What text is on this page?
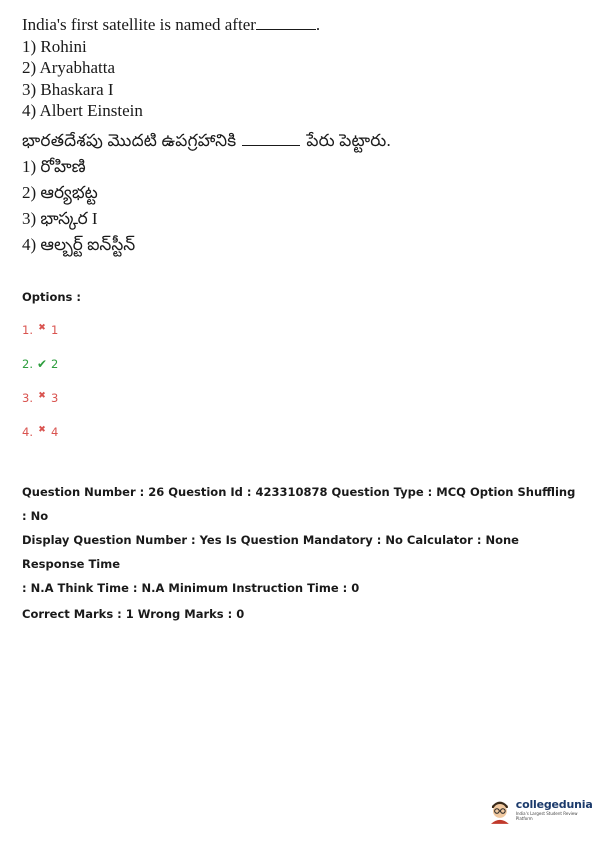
India's first satellite is named after	.
1) Rohini
2) Aryabhatta
3) Bhaskara I
4) Albert Einstein
భారతదేశపు మొదటి ఉపగ్రహానికి	పేరు పెట్టారు.
1) రోహిణి
2) ఆర్యభట్ట
3) భాస్కర I
4) ఆల్బర్ట్ ఐన్‌స్టీన్
Options :
1. ✖ 1
2. ✔ 2
3. ✖ 3
4. ✖ 4
Question Number : 26 Question Id : 423310878 Question Type : MCQ Option Shuffling : No
Display Question Number : Yes Is Question Mandatory : No Calculator : None Response Time
: N.A Think Time : N.A Minimum Instruction Time : 0
Correct Marks : 1 Wrong Marks : 0
collegedunia
India's Largest Student Review Platform
